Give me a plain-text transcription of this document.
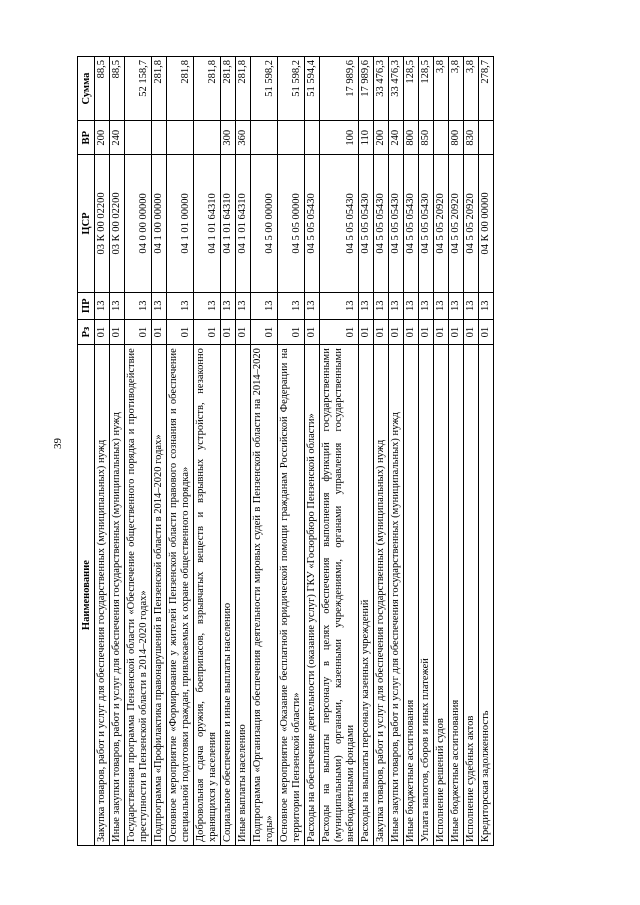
39
Наименование	Рз	ПР	ЦСР	ВР	Сумма
Закупка товаров, работ и услуг для обеспечения государственных (муниципальных) нужд	01	13	03 К 00 02200	200	88,5
Иные закупки товаров, работ и услуг для обеспечения государственных (муниципальных) нужд	01	13	03 К 00 02200	240	88,5
Государственная программа Пензенской области «Обеспечение общественного порядка и противодействие преступности в Пензенской области в 2014–2020 годах»	01	13	04 0 00 00000		52 158,7
Подпрограмма «Профилактика правонарушений в Пензенской области в 2014–2020 годах»	01	13	04 1 00 00000		281,8
Основное мероприятие «Формирование у жителей Пензенской области правового сознания и обеспечение специальной подготовки граждан, привлекаемых к охране общественного порядка»	01	13	04 1 01 00000		281,8
Добровольная сдача оружия, боеприпасов, взрывчатых веществ и взрывных устройств, незаконно хранящихся у населения	01	13	04 1 01 64310		281,8
Социальное обеспечение и иные выплаты населению	01	13	04 1 01 64310	300	281,8
Иные выплаты населению	01	13	04 1 01 64310	360	281,8
Подпрограмма «Организация обеспечения деятельности мировых судей в Пензенской области на 2014–2020 годы»	01	13	04 5 00 00000		51 598,2
Основное мероприятие «Оказание бесплатной юридической помощи гражданам Российской Федерации на территории Пензенской области»	01	13	04 5 05 00000		51 598,2
Расходы на обеспечение деятельности (оказание услуг) ГКУ «Госюрбюро Пензенской области»	01	13	04 5 05 05430		51 594,4
Расходы на выплаты персоналу в целях обеспечения выполнения функций государственными (муниципальными) органами, казенными учреждениями, органами управления государственными внебюджетными фондами	01	13	04 5 05 05430	100	17 989,6
Расходы на выплаты персоналу казенных учреждений	01	13	04 5 05 05430	110	17 989,6
Закупка товаров, работ и услуг для обеспечения государственных (муниципальных) нужд	01	13	04 5 05 05430	200	33 476,3
Иные закупки товаров, работ и услуг для обеспечения государственных (муниципальных) нужд	01	13	04 5 05 05430	240	33 476,3
Иные бюджетные ассигнования	01	13	04 5 05 05430	800	128,5
Уплата налогов, сборов и иных платежей	01	13	04 5 05 05430	850	128,5
Исполнение решений судов	01	13	04 5 05 20920		3,8
Иные бюджетные ассигнования	01	13	04 5 05 20920	800	3,8
Исполнение судебных актов	01	13	04 5 05 20920	830	3,8
Кредиторская задолженность	01	13	04 К 00 00000		278,7
